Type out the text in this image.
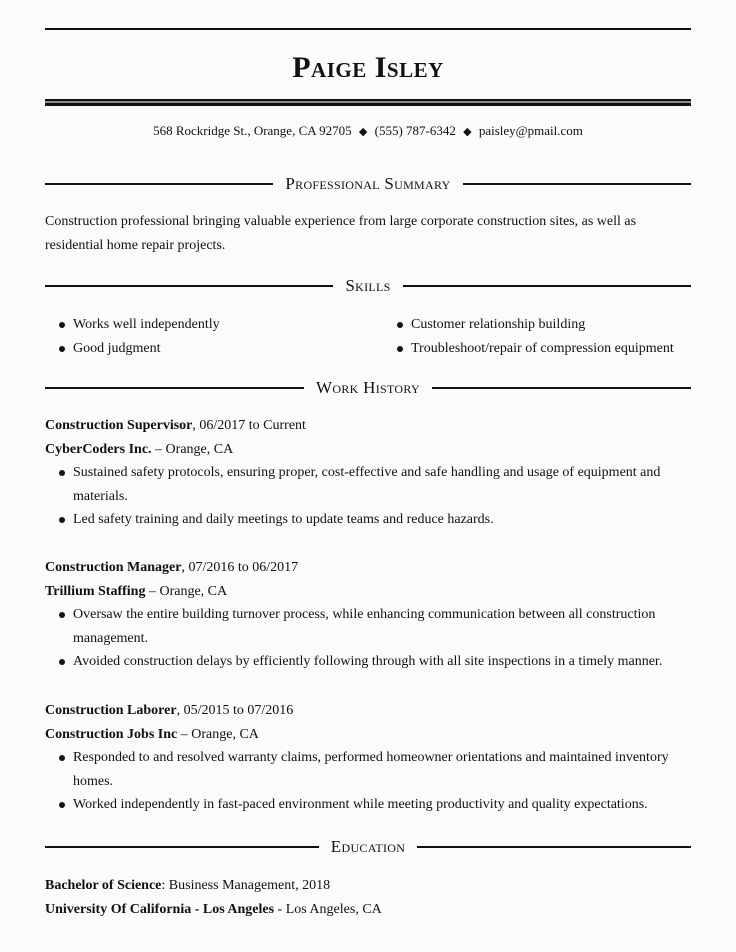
Paige Isley
568 Rockridge St., Orange, CA 92705 ◆ (555) 787-6342 ◆ paisley@pmail.com
Professional Summary
Construction professional bringing valuable experience from large corporate construction sites, as well as residential home repair projects.
Skills
Works well independently	Customer relationship building
Good judgment	Troubleshoot/repair of compression equipment
Work History
Construction Supervisor, 06/2017 to Current
CyberCoders Inc. – Orange, CA
Sustained safety protocols, ensuring proper, cost-effective and safe handling and usage of equipment and materials.
Led safety training and daily meetings to update teams and reduce hazards.
Construction Manager, 07/2016 to 06/2017
Trillium Staffing – Orange, CA
Oversaw the entire building turnover process, while enhancing communication between all construction management.
Avoided construction delays by efficiently following through with all site inspections in a timely manner.
Construction Laborer, 05/2015 to 07/2016
Construction Jobs Inc – Orange, CA
Responded to and resolved warranty claims, performed homeowner orientations and maintained inventory homes.
Worked independently in fast-paced environment while meeting productivity and quality expectations.
Education
Bachelor of Science: Business Management, 2018
University Of California - Los Angeles - Los Angeles, CA
